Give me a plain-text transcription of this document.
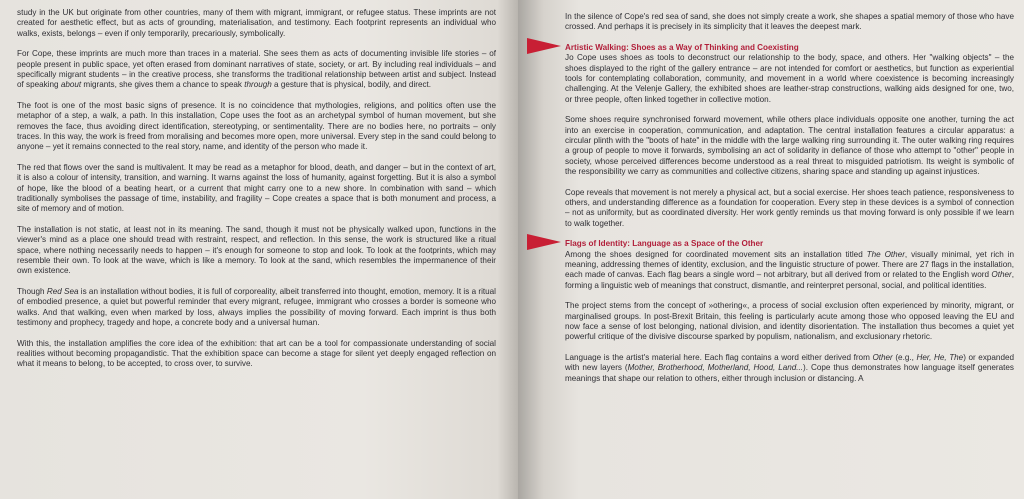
study in the UK but originate from other countries, many of them with migrant, immigrant, or refugee status. These imprints are not created for aesthetic effect, but as acts of grounding, materialisation, and testimony. Each footprint represents an individual who walks, exists, belongs – even if only temporarily, precariously, symbolically.

For Cope, these imprints are much more than traces in a material. She sees them as acts of documenting invisible life stories – of people present in public space, yet often erased from dominant narratives of state, society, or art. By including real individuals – and specifically migrant students – in the creative process, she transforms the traditional relationship between artist and subject. Instead of speaking about migrants, she gives them a chance to speak through a gesture that is physical, bodily, and direct.

The foot is one of the most basic signs of presence. It is no coincidence that mythologies, religions, and politics often use the metaphor of a step, a walk, a path. In this installation, Cope uses the foot as an archetypal symbol of human movement, but she removes the face, thus avoiding direct identification, stereotyping, or sentimentality. There are no bodies here, no portraits – only traces. In this way, the work is freed from moralising and becomes more open, more universal. Every step in the sand could belong to anyone – yet it remains connected to the real story, name, and identity of the person who made it.

The red that flows over the sand is multivalent. It may be read as a metaphor for blood, death, and danger – but in the context of art, it is also a colour of intensity, transition, and warning. It warns against the loss of humanity, against forgetting. But it is also a symbol of hope, like the blood of a beating heart, or a current that might carry one to a new shore. In combination with sand – which traditionally symbolises the passage of time, instability, and fragility – Cope creates a space that is both monument and process, a site of memory and of motion.

The installation is not static, at least not in its meaning. The sand, though it must not be physically walked upon, functions in the viewer's mind as a place one should tread with restraint, respect, and reflection. In this sense, the work is structured like a ritual space, where nothing necessarily needs to happen – it's enough for someone to stop and look. To look at the footprints, which may resemble their own. To look at the wave, which is like a memory. To look at the sand, which resembles the impermanence of their own existence.

Though Red Sea is an installation without bodies, it is full of corporeality, albeit transferred into thought, emotion, memory. It is a ritual of embodied presence, a quiet but powerful reminder that every migrant, refugee, immigrant who crosses a border is someone who walks. And that walking, even when marked by loss, always implies the possibility of moving forward. Each imprint is thus both testimony and prophecy, tragedy and hope, a concrete body and a universal human.

With this, the installation amplifies the core idea of the exhibition: that art can be a tool for compassionate understanding of social realities without becoming propagandistic. That the exhibition space can become a stage for silent yet deeply engaged reflection on what it means to belong, to be accepted, to cross over, to survive.

In the silence of Cope's red sea of sand, she does not simply create a work, she shapes a spatial memory of those who have crossed. And perhaps it is precisely in its simplicity that it leaves the deepest mark.

Artistic Walking: Shoes as a Way of Thinking and Coexisting

Jo Cope uses shoes as tools to deconstruct our relationship to the body, space, and others. Her "walking objects" – the shoes displayed to the right of the gallery entrance – are not intended for comfort or aesthetics, but function as experiential tools for contemplating collaboration, community, and movement in a world where coexistence is becoming increasingly challenging. At the Velenje Gallery, the exhibited shoes are leather-strap constructions, walking aids designed for one, two, or three people, often linked together in collective motion.

Some shoes require synchronised forward movement, while others place individuals opposite one another, turning the act into an exercise in cooperation, communication, and adaptation. The central installation features a circular apparatus: a circular plinth with the "boots of hate" in the middle with the large walking ring surrounding it. The outer walking ring requires a group of people to move it forwards, symbolising an act of solidarity in defiance of those who attempt to "other" people in society, whose perceived differences become understood as a real threat to misguided patriotism. Its weight is symbolic of the responsibility we carry as communities and collective citizens, sharing space and standing up against injustices.

Cope reveals that movement is not merely a physical act, but a social exercise. Her shoes teach patience, responsiveness to others, and understanding difference as a foundation for cooperation. Every step in these devices is a symbol of connection – not as uniformity, but as coordinated diversity. Her work gently reminds us that moving forward is only possible if we learn to walk together.

Flags of Identity: Language as a Space of the Other

Among the shoes designed for coordinated movement sits an installation titled The Other, visually minimal, yet rich in meaning, addressing themes of identity, exclusion, and the linguistic structure of power. There are 27 flags in the installation, each made of canvas. Each flag bears a single word – not arbitrary, but all derived from or related to the English word Other, forming a linguistic web of meanings that construct, dismantle, and reinterpret personal, social, and political identities.

The project stems from the concept of »othering«, a process of social exclusion often experienced by minority, migrant, or marginalised groups. In post-Brexit Britain, this feeling is particularly acute among those who opposed leaving the EU and now face a sense of lost belonging, national division, and identity disorientation. The installation thus becomes a quiet yet powerful critique of the divisive discourse sparked by populism, nationalism, and exclusionary rhetoric.

Language is the artist's material here. Each flag contains a word either derived from Other (e.g., Her, He, The) or expanded with new layers (Mother, Brotherhood, Motherland, Hood, Land...). Cope thus demonstrates how language itself generates meanings that shape our relation to others, either through inclusion or distancing. A
